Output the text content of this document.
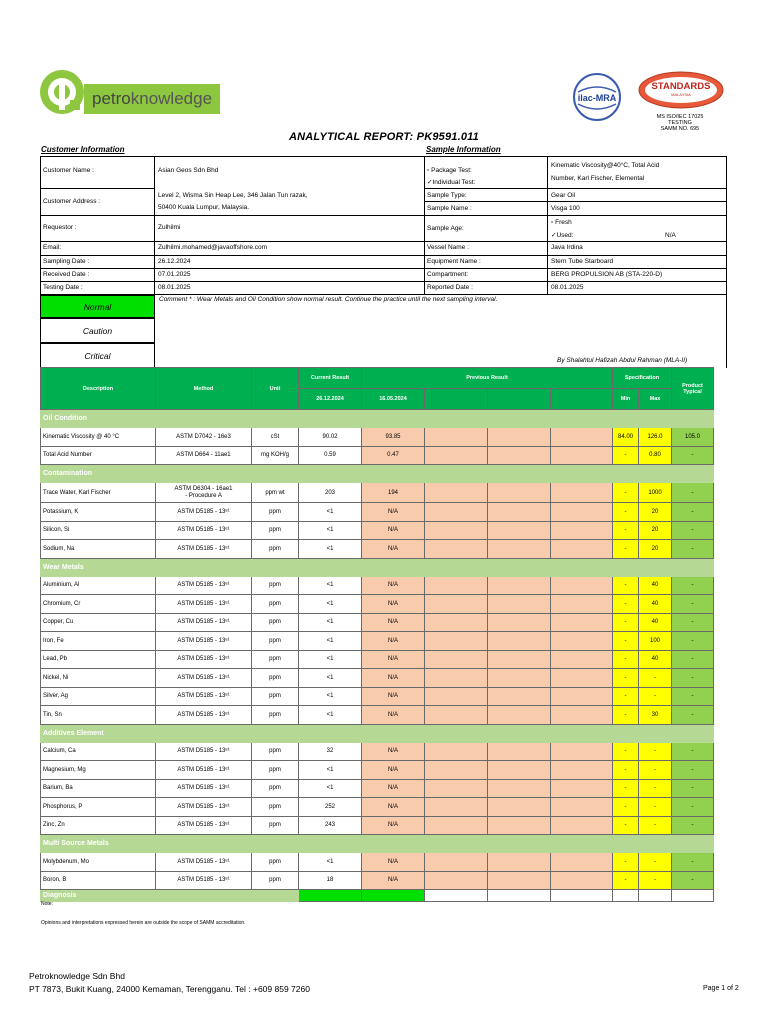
petroknowledge	ilac-MRA
STANDARDS
MALAYSIA
MS ISO/IEC 17025
TESTING
SAMM NO. 695
ANALYTICAL REPORT: PK9591.011
Customer Information	Sample Information
Customer Name :	Asian Geos Sdn Bhd
Customer Address :
Level 2, Wisma Sin Heap Lee, 346 Jalan Tun razak,
50400 Kuala Lumpur, Malaysia.
Requestor :	Zulhilmi
Email:	Zulhilmi.mohamed@javaoffshore.com
Sampling Date :	26.12.2024
Received Date :	07.01.2025
Testing Date :	08.01.2025
▫ Package Test:
✓Individual Test:
Kinematic Viscosity@40°C, Total Acid
Number, Karl Fischer, Elemental
Sample Type:	Gear Oil
Sample Name :	Visga 100
Sample Age:
▫ Fresh
✓Used:	N/A
Vessel Name :	Java Irdina
Equipment Name :	Stern Tube Starboard
Compartment:	BERG PROPULSION AB (STA-220-D)
Reported Date :	08.01.2025
Normal
Caution
Critical
Comment * : Wear Metals and Oil Condition show normal result. Continue the practice until the next sampling interval.
By Shalahtul Hafizah Abdul Rahman (MLA-II)
Description	Method	Unit	Current Result	Previous Result				Specification		Product
Typical

			26.12.2024	16.05.2024				Min	Max	
Oil Condition										
Kinematic Viscosity @ 40 °C	ASTM D7042 - 16e3	cSt	90.02	93.85				84.00	126.0	105.0
Total Acid Number	ASTM D664 - 11ae1	mg KOH/g	0.59	0.47				-	0.80	-
Contamination										
Trace Water, Karl Fischer	ASTM D6304 - 16ae1
- Procedure A	ppm wt	203	194				-	1000	-
Potassium, K	ASTM D5185 - 13ᵉ¹	ppm	<1	N/A				-	20	-
Silicon, Si	ASTM D5185 - 13ᵉ¹	ppm	<1	N/A				-	20	-
Sodium, Na	ASTM D5185 - 13ᵉ¹	ppm	<1	N/A				-	20	-
Wear Metals										
Aluminium, Al	ASTM D5185 - 13ᵉ¹	ppm	<1	N/A				-	40	-
Chromium, Cr	ASTM D5185 - 13ᵉ¹	ppm	<1	N/A				-	40	-
Copper, Cu	ASTM D5185 - 13ᵉ¹	ppm	<1	N/A				-	40	-
Iron, Fe	ASTM D5185 - 13ᵉ¹	ppm	<1	N/A				-	100	-
Lead, Pb	ASTM D5185 - 13ᵉ¹	ppm	<1	N/A				-	40	-
Nickel, Ni	ASTM D5185 - 13ᵉ¹	ppm	<1	N/A				-	-	-
Silver, Ag	ASTM D5185 - 13ᵉ¹	ppm	<1	N/A				-	-	-
Tin, Sn	ASTM D5185 - 13ᵉ¹	ppm	<1	N/A				-	30	-
Additives Element										
Calcium, Ca	ASTM D5185 - 13ᵉ¹	ppm	32	N/A				-	-	-
Magnesium, Mg	ASTM D5185 - 13ᵉ¹	ppm	<1	N/A				-	-	-
Barium, Ba	ASTM D5185 - 13ᵉ¹	ppm	<1	N/A				-	-	-
Phosphorus, P	ASTM D5185 - 13ᵉ¹	ppm	252	N/A				-	-	-
Zinc, Zn	ASTM D5185 - 13ᵉ¹	ppm	243	N/A				-	-	-
Multi Source Metals										
Molybdenum, Mo	ASTM D5185 - 13ᵉ¹	ppm	<1	N/A				-	-	-
Boron, B	ASTM D5185 - 13ᵉ¹	ppm	18	N/A				-	-	-
Diagnosis										
Note:
Opinions and interpretations expressed herein are outside the scope of SAMM accreditation.
Petroknowledge Sdn Bhd
PT 7873, Bukit Kuang, 24000 Kemaman, Terengganu. Tel : +609 859 7260	Page 1 of 2
